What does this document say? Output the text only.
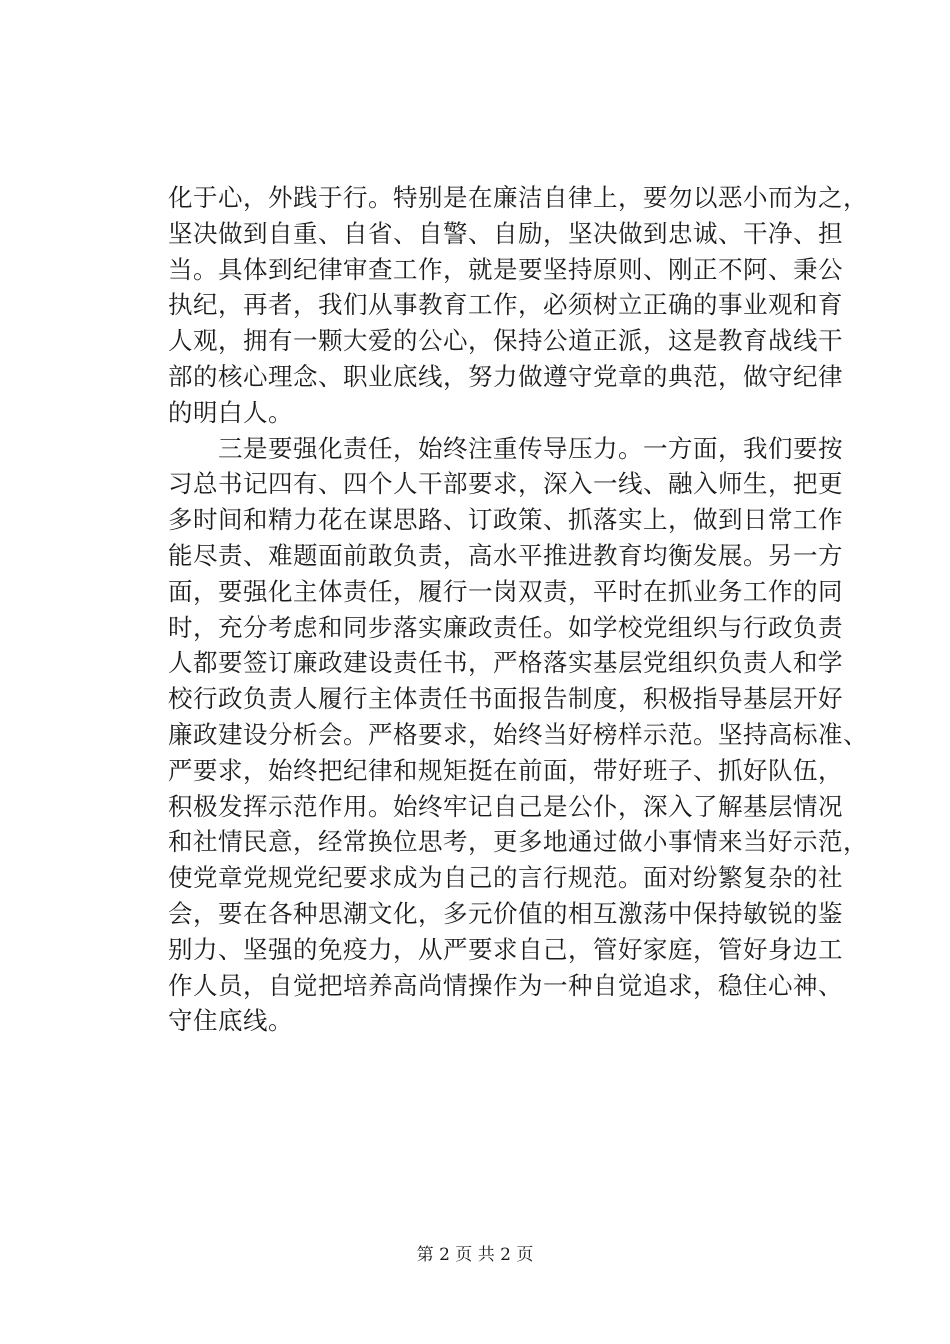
化于心，外践于行。特别是在廉洁自律上，要勿以恶小而为之，
坚决做到自重、自省、自警、自励，坚决做到忠诚、干净、担
当。具体到纪律审查工作，就是要坚持原则、刚正不阿、秉公
执纪，再者，我们从事教育工作，必须树立正确的事业观和育
人观，拥有一颗大爱的公心，保持公道正派，这是教育战线干
部的核心理念、职业底线，努力做遵守党章的典范，做守纪律
的明白人。
三是要强化责任，始终注重传导压力。一方面，我们要按
习总书记四有、四个人干部要求，深入一线、融入师生，把更
多时间和精力花在谋思路、订政策、抓落实上，做到日常工作
能尽责、难题面前敢负责，高水平推进教育均衡发展。另一方
面，要强化主体责任，履行一岗双责，平时在抓业务工作的同
时，充分考虑和同步落实廉政责任。如学校党组织与行政负责
人都要签订廉政建设责任书，严格落实基层党组织负责人和学
校行政负责人履行主体责任书面报告制度，积极指导基层开好
廉政建设分析会。严格要求，始终当好榜样示范。坚持高标准、
严要求，始终把纪律和规矩挺在前面，带好班子、抓好队伍，
积极发挥示范作用。始终牢记自己是公仆，深入了解基层情况
和社情民意，经常换位思考，更多地通过做小事情来当好示范，
使党章党规党纪要求成为自己的言行规范。面对纷繁复杂的社
会，要在各种思潮文化，多元价值的相互激荡中保持敏锐的鉴
别力、坚强的免疫力，从严要求自己，管好家庭，管好身边工
作人员，自觉把培养高尚情操作为一种自觉追求，稳住心神、
守住底线。
第 2 页 共 2 页
